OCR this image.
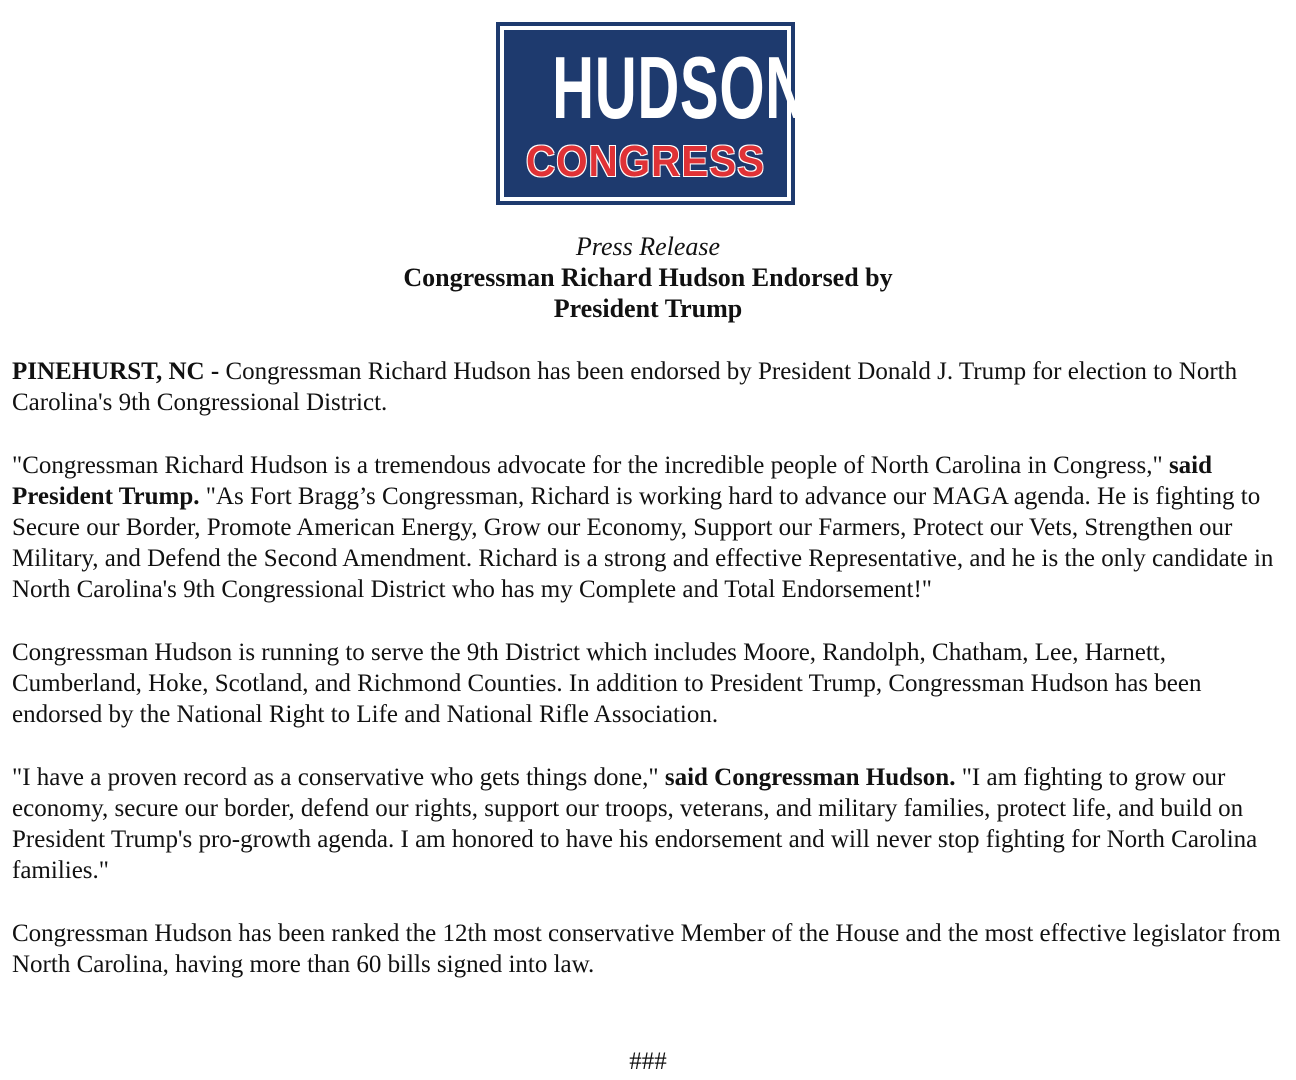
HUDSON
CONGRESS
Press Release
Congressman Richard Hudson Endorsed by
President Trump

PINEHURST, NC - Congressman Richard Hudson has been endorsed by President Donald J. Trump for election to North Carolina's 9th Congressional District.

"Congressman Richard Hudson is a tremendous advocate for the incredible people of North Carolina in Congress," said President Trump. "As Fort Bragg’s Congressman, Richard is working hard to advance our MAGA agenda. He is fighting to Secure our Border, Promote American Energy, Grow our Economy, Support our Farmers, Protect our Vets, Strengthen our Military, and Defend the Second Amendment. Richard is a strong and effective Representative, and he is the only candidate in North Carolina's 9th Congressional District who has my Complete and Total Endorsement!"

Congressman Hudson is running to serve the 9th District which includes Moore, Randolph, Chatham, Lee, Harnett, Cumberland, Hoke, Scotland, and Richmond Counties. In addition to President Trump, Congressman Hudson has been endorsed by the National Right to Life and National Rifle Association.

"I have a proven record as a conservative who gets things done," said Congressman Hudson. "I am fighting to grow our economy, secure our border, defend our rights, support our troops, veterans, and military families, protect life, and build on President Trump's pro-growth agenda. I am honored to have his endorsement and will never stop fighting for North Carolina families."

Congressman Hudson has been ranked the 12th most conservative Member of the House and the most effective legislator from North Carolina, having more than 60 bills signed into law.

###
